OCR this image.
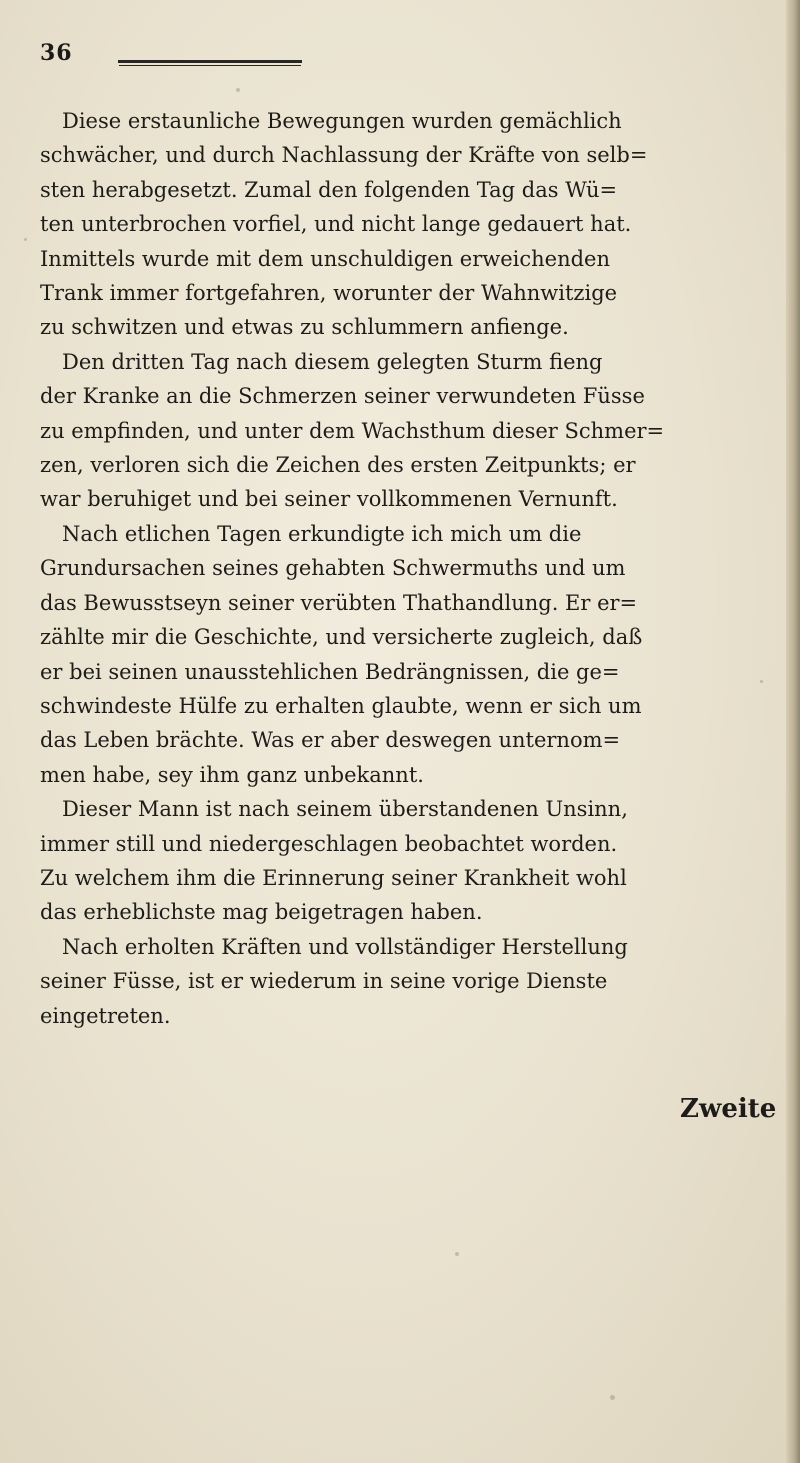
36

Diese erstaunliche Bewegungen wurden gemächlich
schwächer, und durch Nachlassung der Kräfte von selb=
sten herabgesetzt. Zumal den folgenden Tag das Wü=
ten unterbrochen vorfiel, und nicht lange gedauert hat.
Inmittels wurde mit dem unschuldigen erweichenden
Trank immer fortgefahren, worunter der Wahnwitzige
zu schwitzen und etwas zu schlummern anfienge.

Den dritten Tag nach diesem gelegten Sturm fieng
der Kranke an die Schmerzen seiner verwundeten Füsse
zu empfinden, und unter dem Wachsthum dieser Schmer=
zen, verloren sich die Zeichen des ersten Zeitpunkts; er
war beruhiget und bei seiner vollkommenen Vernunft.

Nach etlichen Tagen erkundigte ich mich um die
Grundursachen seines gehabten Schwermuths und um
das Bewusstseyn seiner verübten Thathandlung. Er er=
zählte mir die Geschichte, und versicherte zugleich, daß
er bei seinen unausstehlichen Bedrängnissen, die ge=
schwindeste Hülfe zu erhalten glaubte, wenn er sich um
das Leben brächte. Was er aber deswegen unternom=
men habe, sey ihm ganz unbekannt.

Dieser Mann ist nach seinem überstandenen Unsinn,
immer still und niedergeschlagen beobachtet worden.
Zu welchem ihm die Erinnerung seiner Krankheit wohl
das erheblichste mag beigetragen haben.

Nach erholten Kräften und vollständiger Herstellung
seiner Füsse, ist er wiederum in seine vorige Dienste
eingetreten.

Zweite
